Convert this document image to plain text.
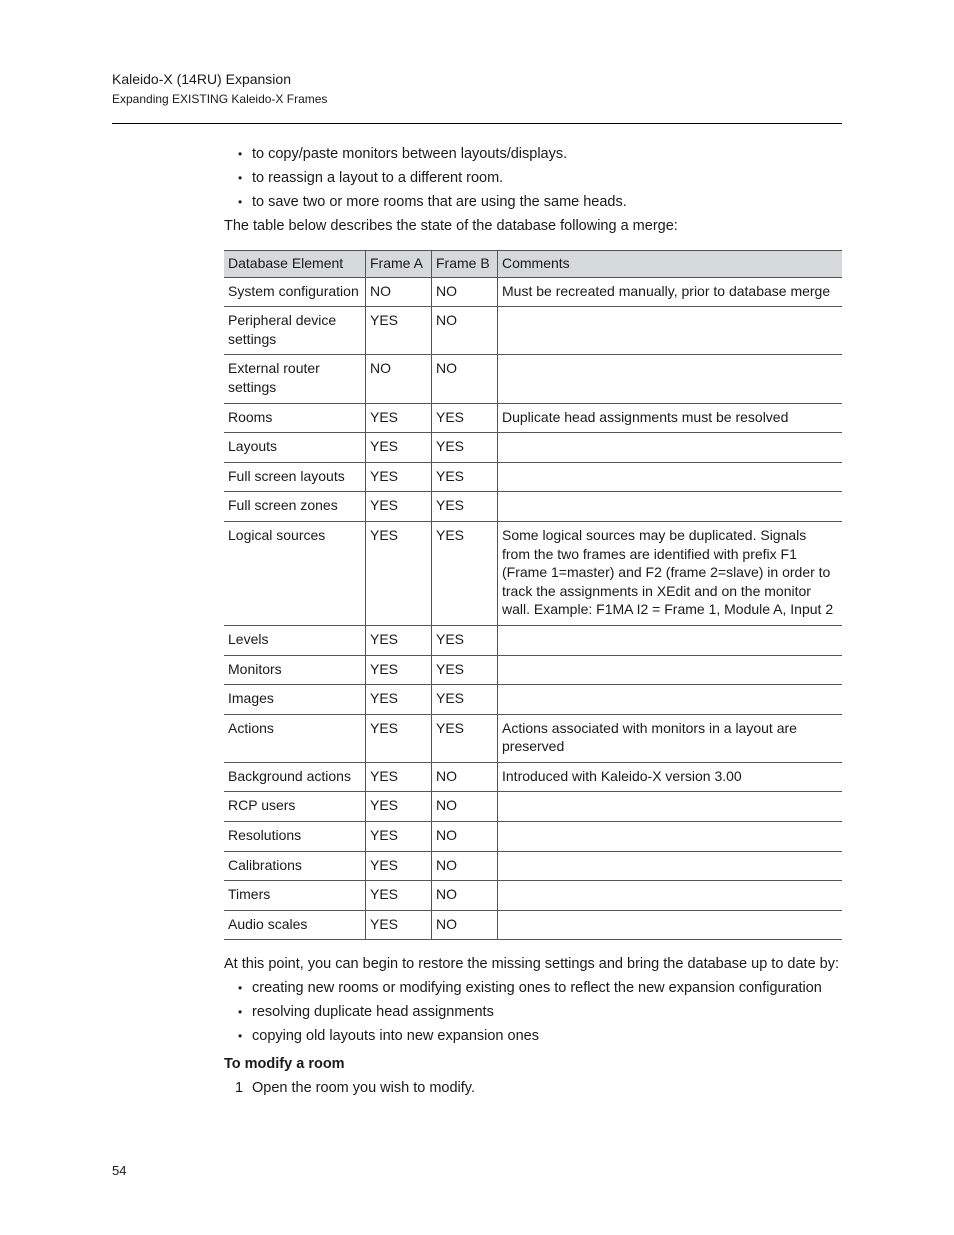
Kaleido-X (14RU) Expansion
Expanding EXISTING Kaleido-X Frames
• to copy/paste monitors between layouts/displays.
• to reassign a layout to a different room.
• to save two or more rooms that are using the same heads.

The table below describes the state of the database following a merge:

Database Element	Frame A	Frame B	Comments
System configuration	NO	NO	Must be recreated manually, prior to database merge
Peripheral device settings	YES	NO	
External router settings	NO	NO	
Rooms	YES	YES	Duplicate head assignments must be resolved
Layouts	YES	YES	
Full screen layouts	YES	YES	
Full screen zones	YES	YES	
Logical sources	YES	YES	Some logical sources may be duplicated. Signals from the two frames are identified with prefix F1 (Frame 1=master) and F2 (frame 2=slave) in order to track the assignments in XEdit and on the monitor wall. Example: F1MA I2 = Frame 1, Module A, Input 2
Levels	YES	YES	
Monitors	YES	YES	
Images	YES	YES	
Actions	YES	YES	Actions associated with monitors in a layout are preserved
Background actions	YES	NO	Introduced with Kaleido-X version 3.00
RCP users	YES	NO	
Resolutions	YES	NO	
Calibrations	YES	NO	
Timers	YES	NO	
Audio scales	YES	NO	

At this point, you can begin to restore the missing settings and bring the database up to date by:

• creating new rooms or modifying existing ones to reflect the new expansion configuration
• resolving duplicate head assignments
• copying old layouts into new expansion ones
To modify a room
1 Open the room you wish to modify.
54
